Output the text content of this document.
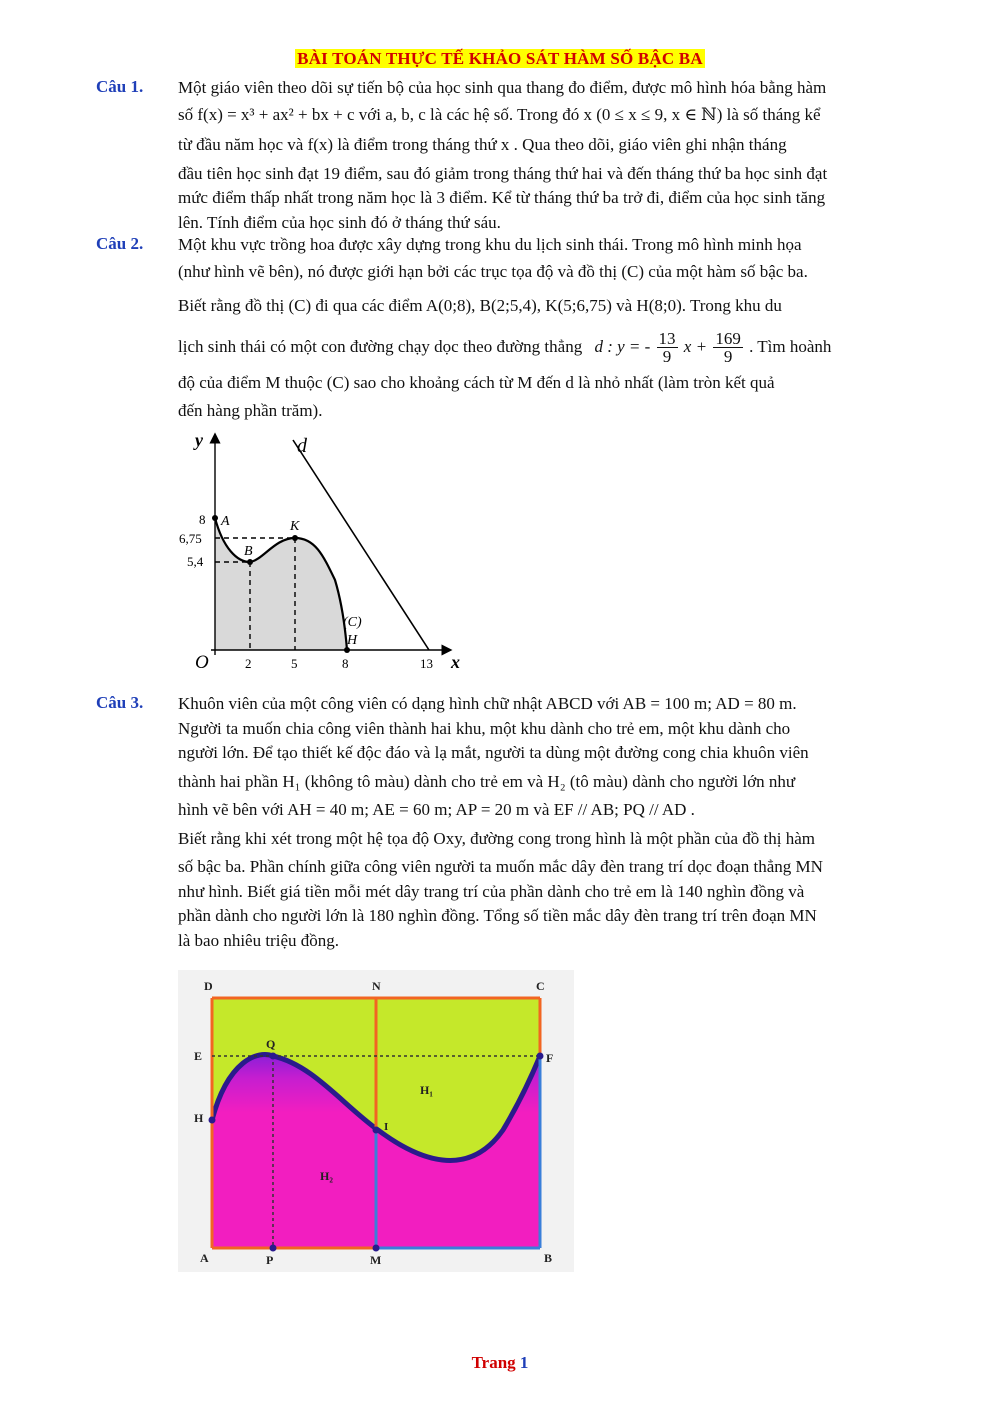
BÀI TOÁN THỰC TẾ KHẢO SÁT HÀM SỐ BẬC BA
Câu 1. Một giáo viên theo dõi sự tiến bộ của học sinh qua thang đo điểm, được mô hình hóa bằng hàm

số f(x) = x³ + ax² + bx + c với a, b, c là các hệ số. Trong đó x (0 ≤ x ≤ 9, x ∈ ℕ) là số tháng kể

từ đầu năm học và f(x) là điểm trong tháng thứ x . Qua theo dõi, giáo viên ghi nhận tháng

đầu tiên học sinh đạt 19 điểm, sau đó giảm trong tháng thứ hai và đến tháng thứ ba học sinh đạt

mức điểm thấp nhất trong năm học là 3 điểm. Kể từ tháng thứ ba trở đi, điểm của học sinh tăng

lên. Tính điểm của học sinh đó ở tháng thứ sáu.

Câu 2. Một khu vực trồng hoa được xây dựng trong khu du lịch sinh thái. Trong mô hình minh họa

(như hình vẽ bên), nó được giới hạn bởi các trục tọa độ và đồ thị (C) của một hàm số bậc ba.

Biết rằng đồ thị (C) đi qua các điểm A(0;8), B(2;5,4), K(5;6,75) và H(8;0). Trong khu du

lịch sinh thái có một con đường chạy dọc theo đường thẳng d : y = - $\frac{13}{9}$ $x + \frac{169}{9}$ . Tìm hoành

độ của điểm M thuộc (C) sao cho khoảng cách từ M đến d là nhỏ nhất (làm tròn kết quả

đến hàng phần trăm).

y
x
O
d
(C)
A
B
K
H
8
6,75
5,4
2	5	8	13
Câu 3. Khuôn viên của một công viên có dạng hình chữ nhật ABCD với AB = 100 m; AD = 80 m.

Người ta muốn chia công viên thành hai khu, một khu dành cho trẻ em, một khu dành cho

người lớn. Để tạo thiết kế độc đáo và lạ mắt, người ta dùng một đường cong chia khuôn viên

thành hai phần H₁ (không tô màu) dành cho trẻ em và H₂ (tô màu) dành cho người lớn như

hình vẽ bên với AH = 40 m; AE = 60 m; AP = 20 m và EF // AB; PQ // AD .

Biết rằng khi xét trong một hệ tọa độ Oxy, đường cong trong hình là một phần của đồ thị hàm

số bậc ba. Phần chính giữa công viên người ta muốn mắc dây đèn trang trí dọc đoạn thẳng MN

như hình. Biết giá tiền mỗi mét dây trang trí của phần dành cho trẻ em là 140 nghìn đồng và

phần dành cho người lớn là 180 nghìn đồng. Tổng số tiền mắc dây đèn trang trí trên đoạn MN

là bao nhiêu triệu đồng.

D	N	C
E
Q
F
H
I
A	P	M	B
H₁
H₂
Trang 1
